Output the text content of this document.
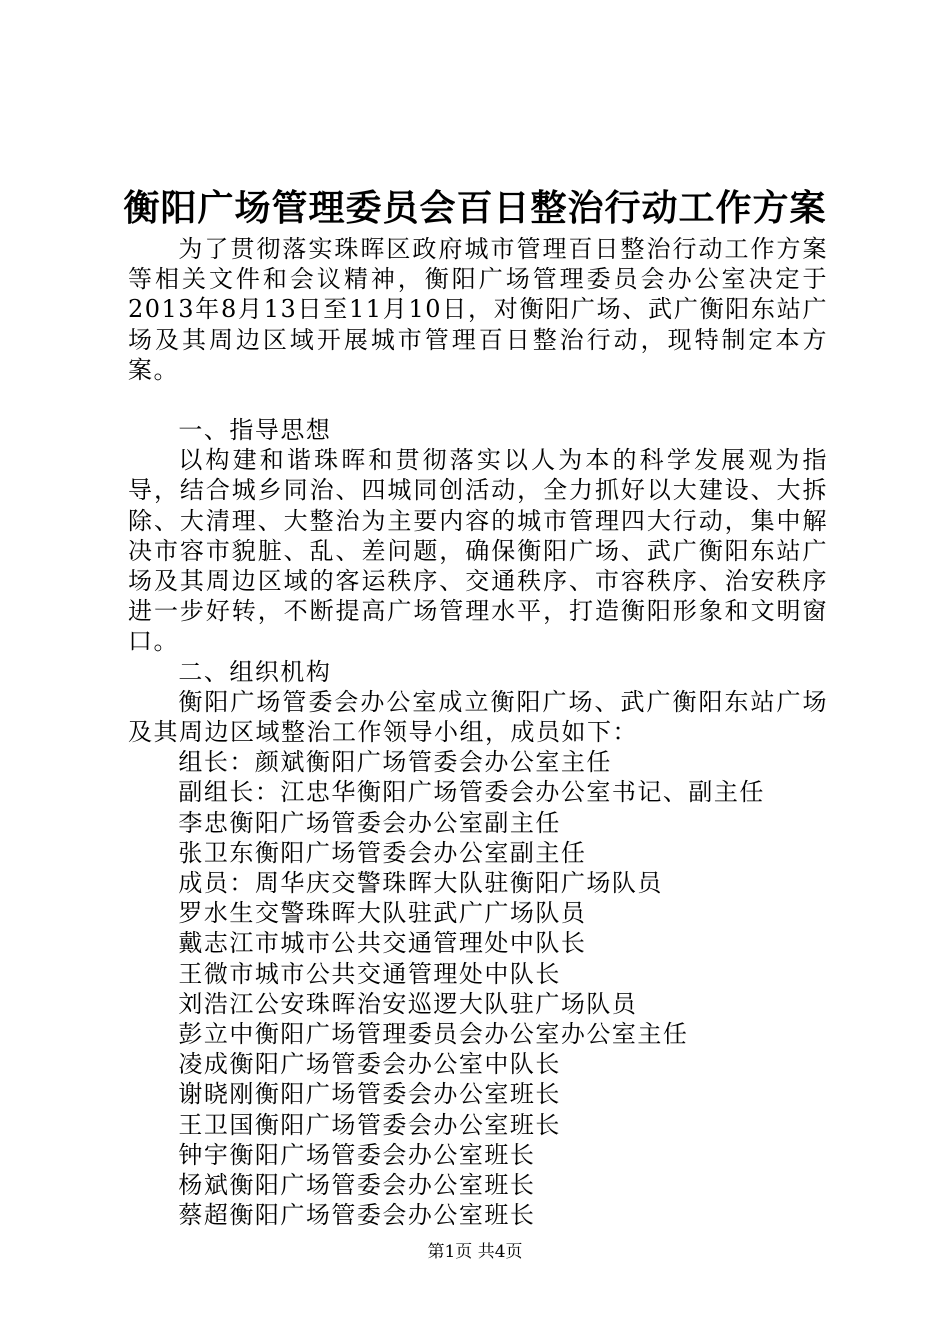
衡阳广场管理委员会百日整治行动工作方案

为了贯彻落实珠晖区政府城市管理百日整治行动工作方案等相关文件和会议精神，衡阳广场管理委员会办公室决定于2013年8月13日至11月10日，对衡阳广场、武广衡阳东站广场及其周边区域开展城市管理百日整治行动，现特制定本方案。

一、指导思想

以构建和谐珠晖和贯彻落实以人为本的科学发展观为指导，结合城乡同治、四城同创活动，全力抓好以大建设、大拆除、大清理、大整治为主要内容的城市管理四大行动，集中解决市容市貌脏、乱、差问题，确保衡阳广场、武广衡阳东站广场及其周边区域的客运秩序、交通秩序、市容秩序、治安秩序进一步好转，不断提高广场管理水平，打造衡阳形象和文明窗口。

二、组织机构

衡阳广场管委会办公室成立衡阳广场、武广衡阳东站广场及其周边区域整治工作领导小组，成员如下：

组长：颜斌衡阳广场管委会办公室主任

副组长：江忠华衡阳广场管委会办公室书记、副主任

李忠衡阳广场管委会办公室副主任

张卫东衡阳广场管委会办公室副主任

成员：周华庆交警珠晖大队驻衡阳广场队员

罗水生交警珠晖大队驻武广广场队员

戴志江市城市公共交通管理处中队长

王微市城市公共交通管理处中队长

刘浩江公安珠晖治安巡逻大队驻广场队员

彭立中衡阳广场管理委员会办公室办公室主任

凌成衡阳广场管委会办公室中队长

谢晓刚衡阳广场管委会办公室班长

王卫国衡阳广场管委会办公室班长

钟宇衡阳广场管委会办公室班长

杨斌衡阳广场管委会办公室班长

蔡超衡阳广场管委会办公室班长

第1页 共4页
